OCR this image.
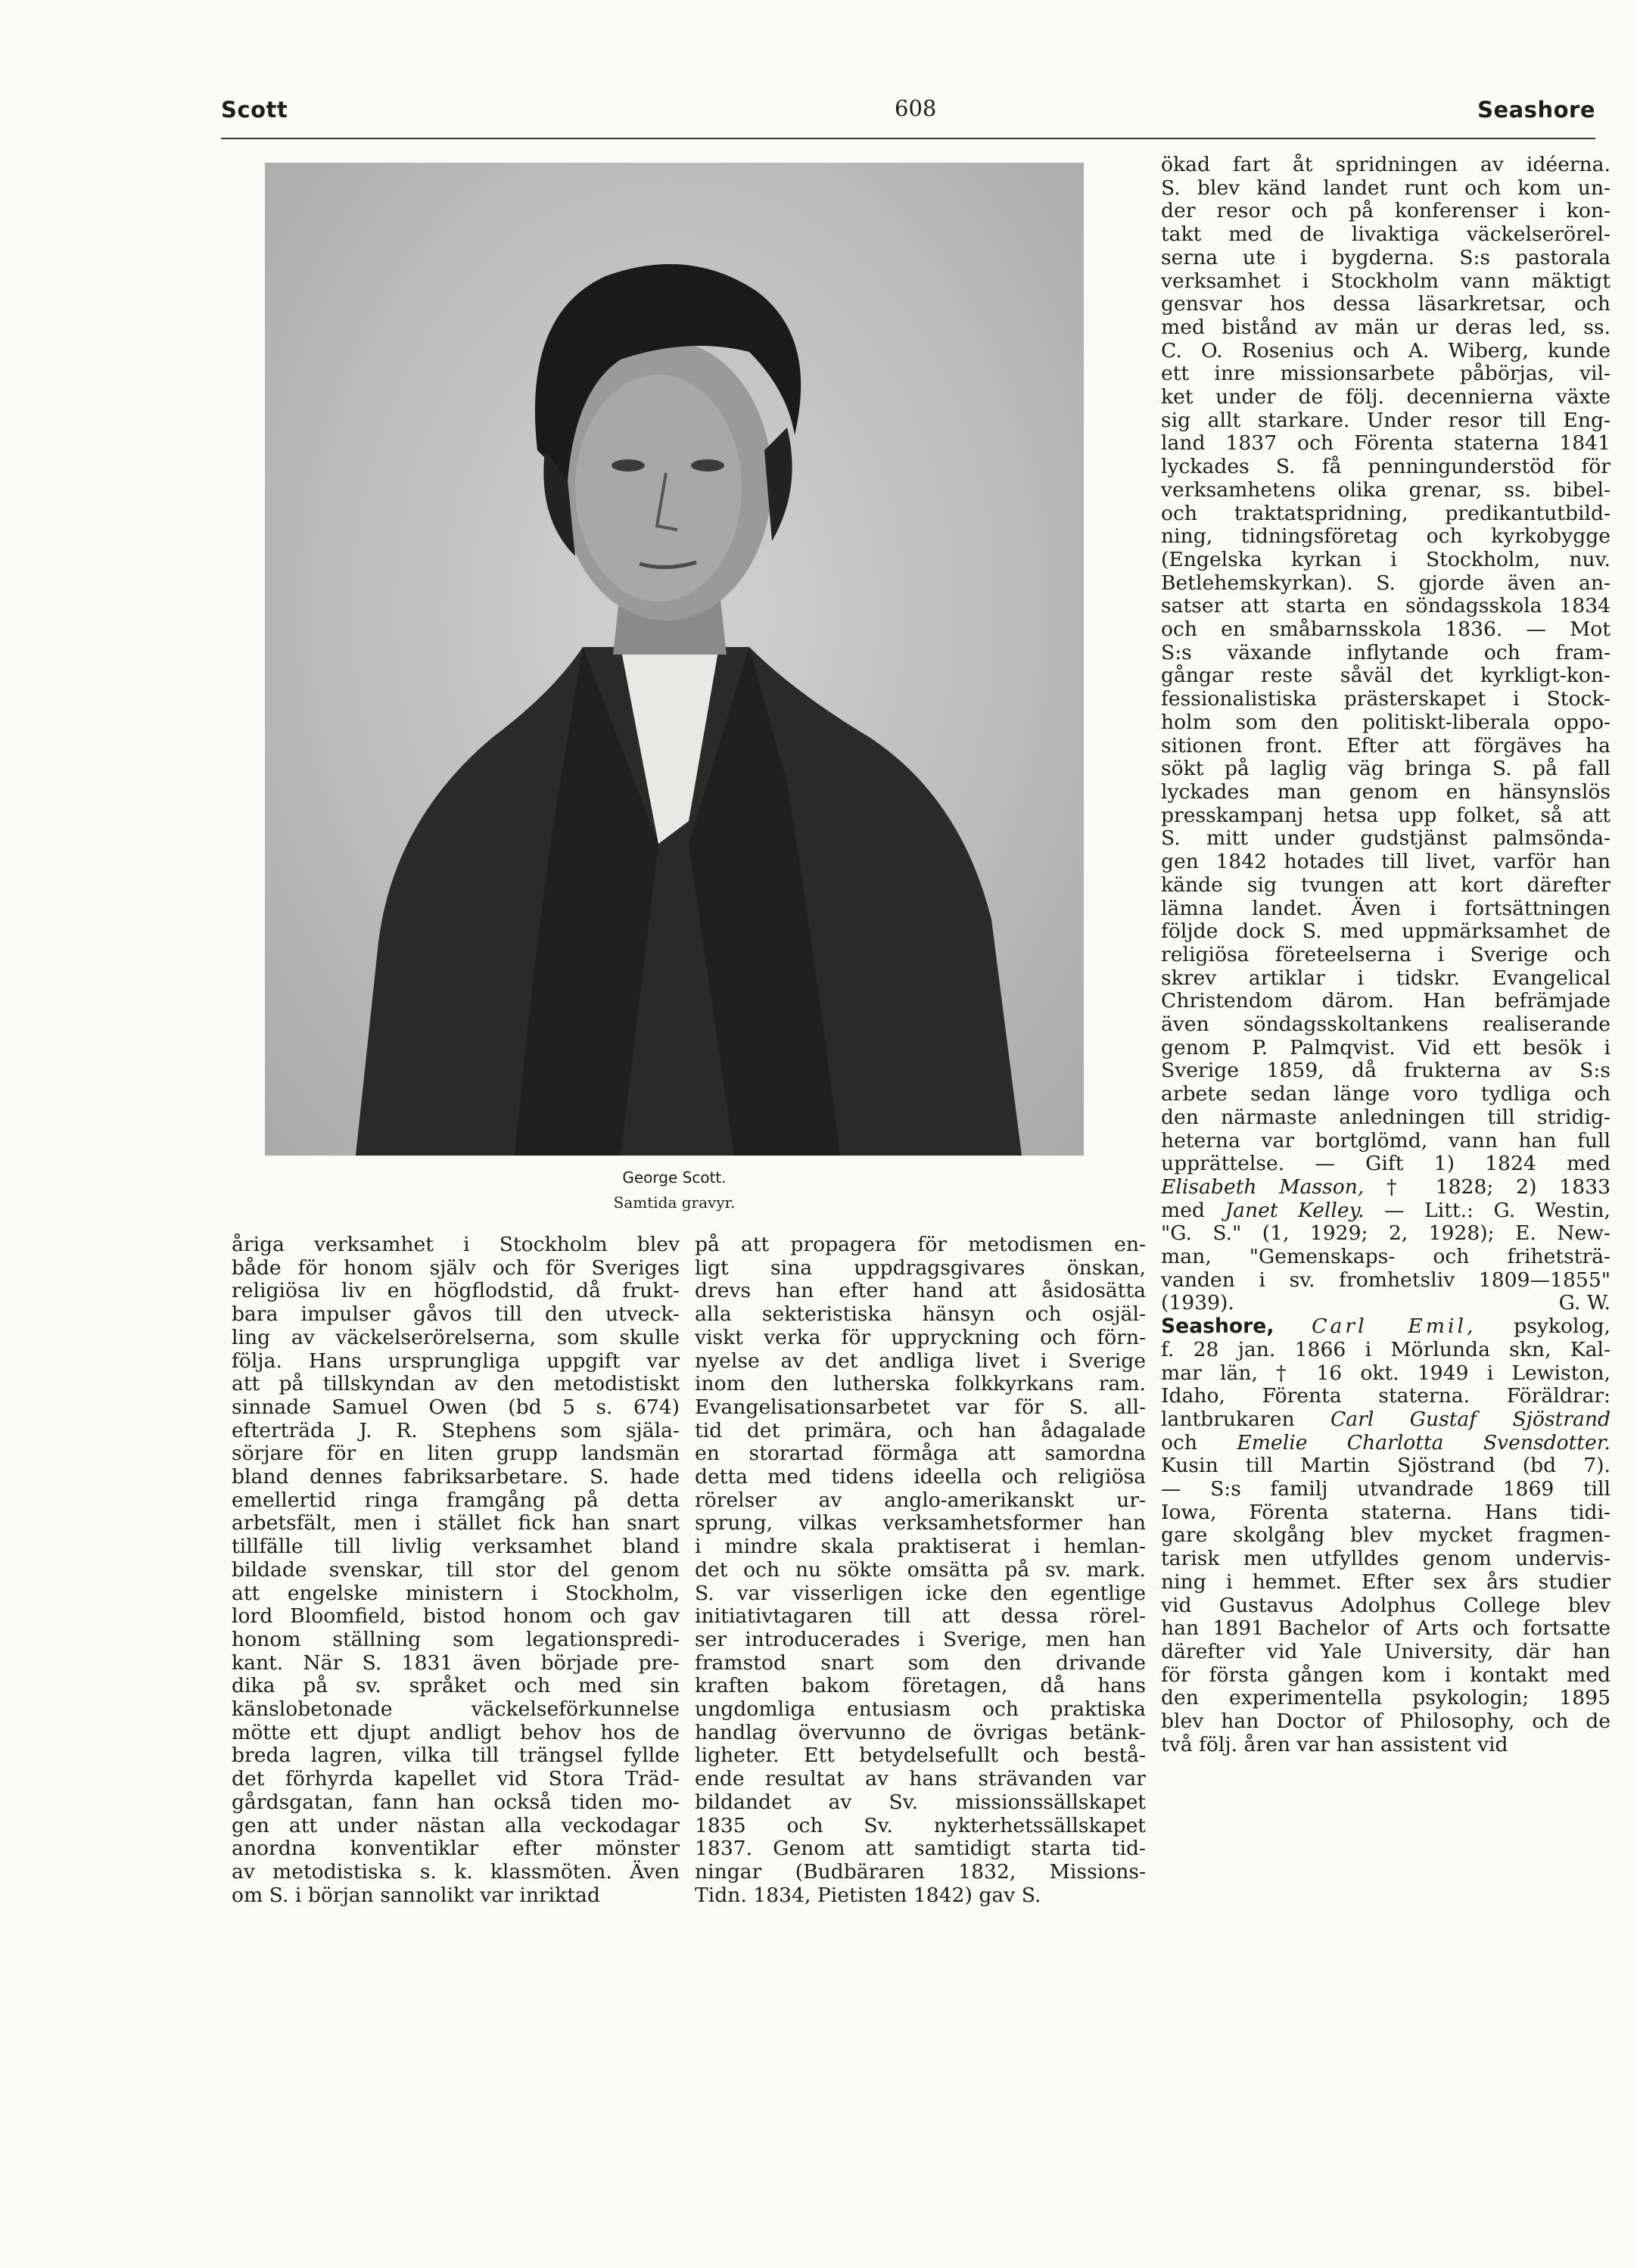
Scott	608	Seashore
George Scott.
Samtida gravyr.

åriga verksamhet i Stockholm blev

både för honom själv och för Sveriges

religiösa liv en högflodstid, då frukt-

bara impulser gåvos till den utveck-

ling av väckelserörelserna, som skulle

följa. Hans ursprungliga uppgift var

att på tillskyndan av den metodistiskt

sinnade Samuel Owen (bd 5 s. 674)

efterträda J. R. Stephens som själa-

sörjare för en liten grupp landsmän

bland dennes fabriksarbetare. S. hade

emellertid ringa framgång på detta

arbetsfält, men i stället fick han snart

tillfälle till livlig verksamhet bland

bildade svenskar, till stor del genom

att engelske ministern i Stockholm,

lord Bloomfield, bistod honom och gav

honom ställning som legationspredi-

kant. När S. 1831 även började pre-

dika på sv. språket och med sin

känslobetonade väckelseförkunnelse

mötte ett djupt andligt behov hos de

breda lagren, vilka till trängsel fyllde

det förhyrda kapellet vid Stora Träd-

gårdsgatan, fann han också tiden mo-

gen att under nästan alla veckodagar

anordna konventiklar efter mönster

av metodistiska s. k. klassmöten. Även

om S. i början sannolikt var inriktad

på att propagera för metodismen en-

ligt sina uppdragsgivares önskan,

drevs han efter hand att åsidosätta

alla sekteristiska hänsyn och osjäl-

viskt verka för uppryckning och förn-

nyelse av det andliga livet i Sverige

inom den lutherska folkkyrkans ram.

Evangelisationsarbetet var för S. all-

tid det primära, och han ådagalade

en storartad förmåga att samordna

detta med tidens ideella och religiösa

rörelser av anglo-amerikanskt ur-

sprung, vilkas verksamhetsformer han

i mindre skala praktiserat i hemlan-

det och nu sökte omsätta på sv. mark.

S. var visserligen icke den egentlige

initiativtagaren till att dessa rörel-

ser introducerades i Sverige, men han

framstod snart som den drivande

kraften bakom företagen, då hans

ungdomliga entusiasm och praktiska

handlag övervunno de övrigas betänk-

ligheter. Ett betydelsefullt och bestå-

ende resultat av hans strävanden var

bildandet av Sv. missionssällskapet

1835 och Sv. nykterhetssällskapet

1837. Genom att samtidigt starta tid-

ningar (Budbäraren 1832, Missions-

Tidn. 1834, Pietisten 1842) gav S.

ökad fart åt spridningen av idéerna.

S. blev känd landet runt och kom un-

der resor och på konferenser i kon-

takt med de livaktiga väckelserörel-

serna ute i bygderna. S:s pastorala

verksamhet i Stockholm vann mäktigt

gensvar hos dessa läsarkretsar, och

med bistånd av män ur deras led, ss.

C. O. Rosenius och A. Wiberg, kunde

ett inre missionsarbete påbörjas, vil-

ket under de följ. decennierna växte

sig allt starkare. Under resor till Eng-

land 1837 och Förenta staterna 1841

lyckades S. få penningunderstöd för

verksamhetens olika grenar, ss. bibel-

och traktatspridning, predikantutbild-

ning, tidningsföretag och kyrkobygge

(Engelska kyrkan i Stockholm, nuv.

Betlehemskyrkan). S. gjorde även an-

satser att starta en söndagsskola 1834

och en småbarnsskola 1836. — Mot

S:s växande inflytande och fram-

gångar reste såväl det kyrkligt-kon-

fessionalistiska prästerskapet i Stock-

holm som den politiskt-liberala oppo-

sitionen front. Efter att förgäves ha

sökt på laglig väg bringa S. på fall

lyckades man genom en hänsynslös

presskampanj hetsa upp folket, så att

S. mitt under gudstjänst palmsönda-

gen 1842 hotades till livet, varför han

kände sig tvungen att kort därefter

lämna landet. Även i fortsättningen

följde dock S. med uppmärksamhet de

religiösa företeelserna i Sverige och

skrev artiklar i tidskr. Evangelical

Christendom därom. Han befrämjade

även söndagsskoltankens realiserande

genom P. Palmqvist. Vid ett besök i

Sverige 1859, då frukterna av S:s

arbete sedan länge voro tydliga och

den närmaste anledningen till stridig-

heterna var bortglömd, vann han full

upprättelse. — Gift 1) 1824 med

Elisabeth Masson, † 1828; 2) 1833

med Janet Kelley. — Litt.: G. Westin,

"G. S." (1, 1929; 2, 1928); E. New-

man, "Gemenskaps- och frihetsträ-

vanden i sv. fromhetsliv 1809—1855"

(1939).	G. W.

Seashore, Carl Emil, psykolog,

f. 28 jan. 1866 i Mörlunda skn, Kal-

mar län, † 16 okt. 1949 i Lewiston,

Idaho, Förenta staterna. Föräldrar:

lantbrukaren Carl Gustaf Sjöstrand

och Emelie Charlotta Svensdotter.

Kusin till Martin Sjöstrand (bd 7).

— S:s familj utvandrade 1869 till

Iowa, Förenta staterna. Hans tidi-

gare skolgång blev mycket fragmen-

tarisk men utfylldes genom undervis-

ning i hemmet. Efter sex års studier

vid Gustavus Adolphus College blev

han 1891 Bachelor of Arts och fortsatte

därefter vid Yale University, där han

för första gången kom i kontakt med

den experimentella psykologin; 1895

blev han Doctor of Philosophy, och de

två följ. åren var han assistent vid
